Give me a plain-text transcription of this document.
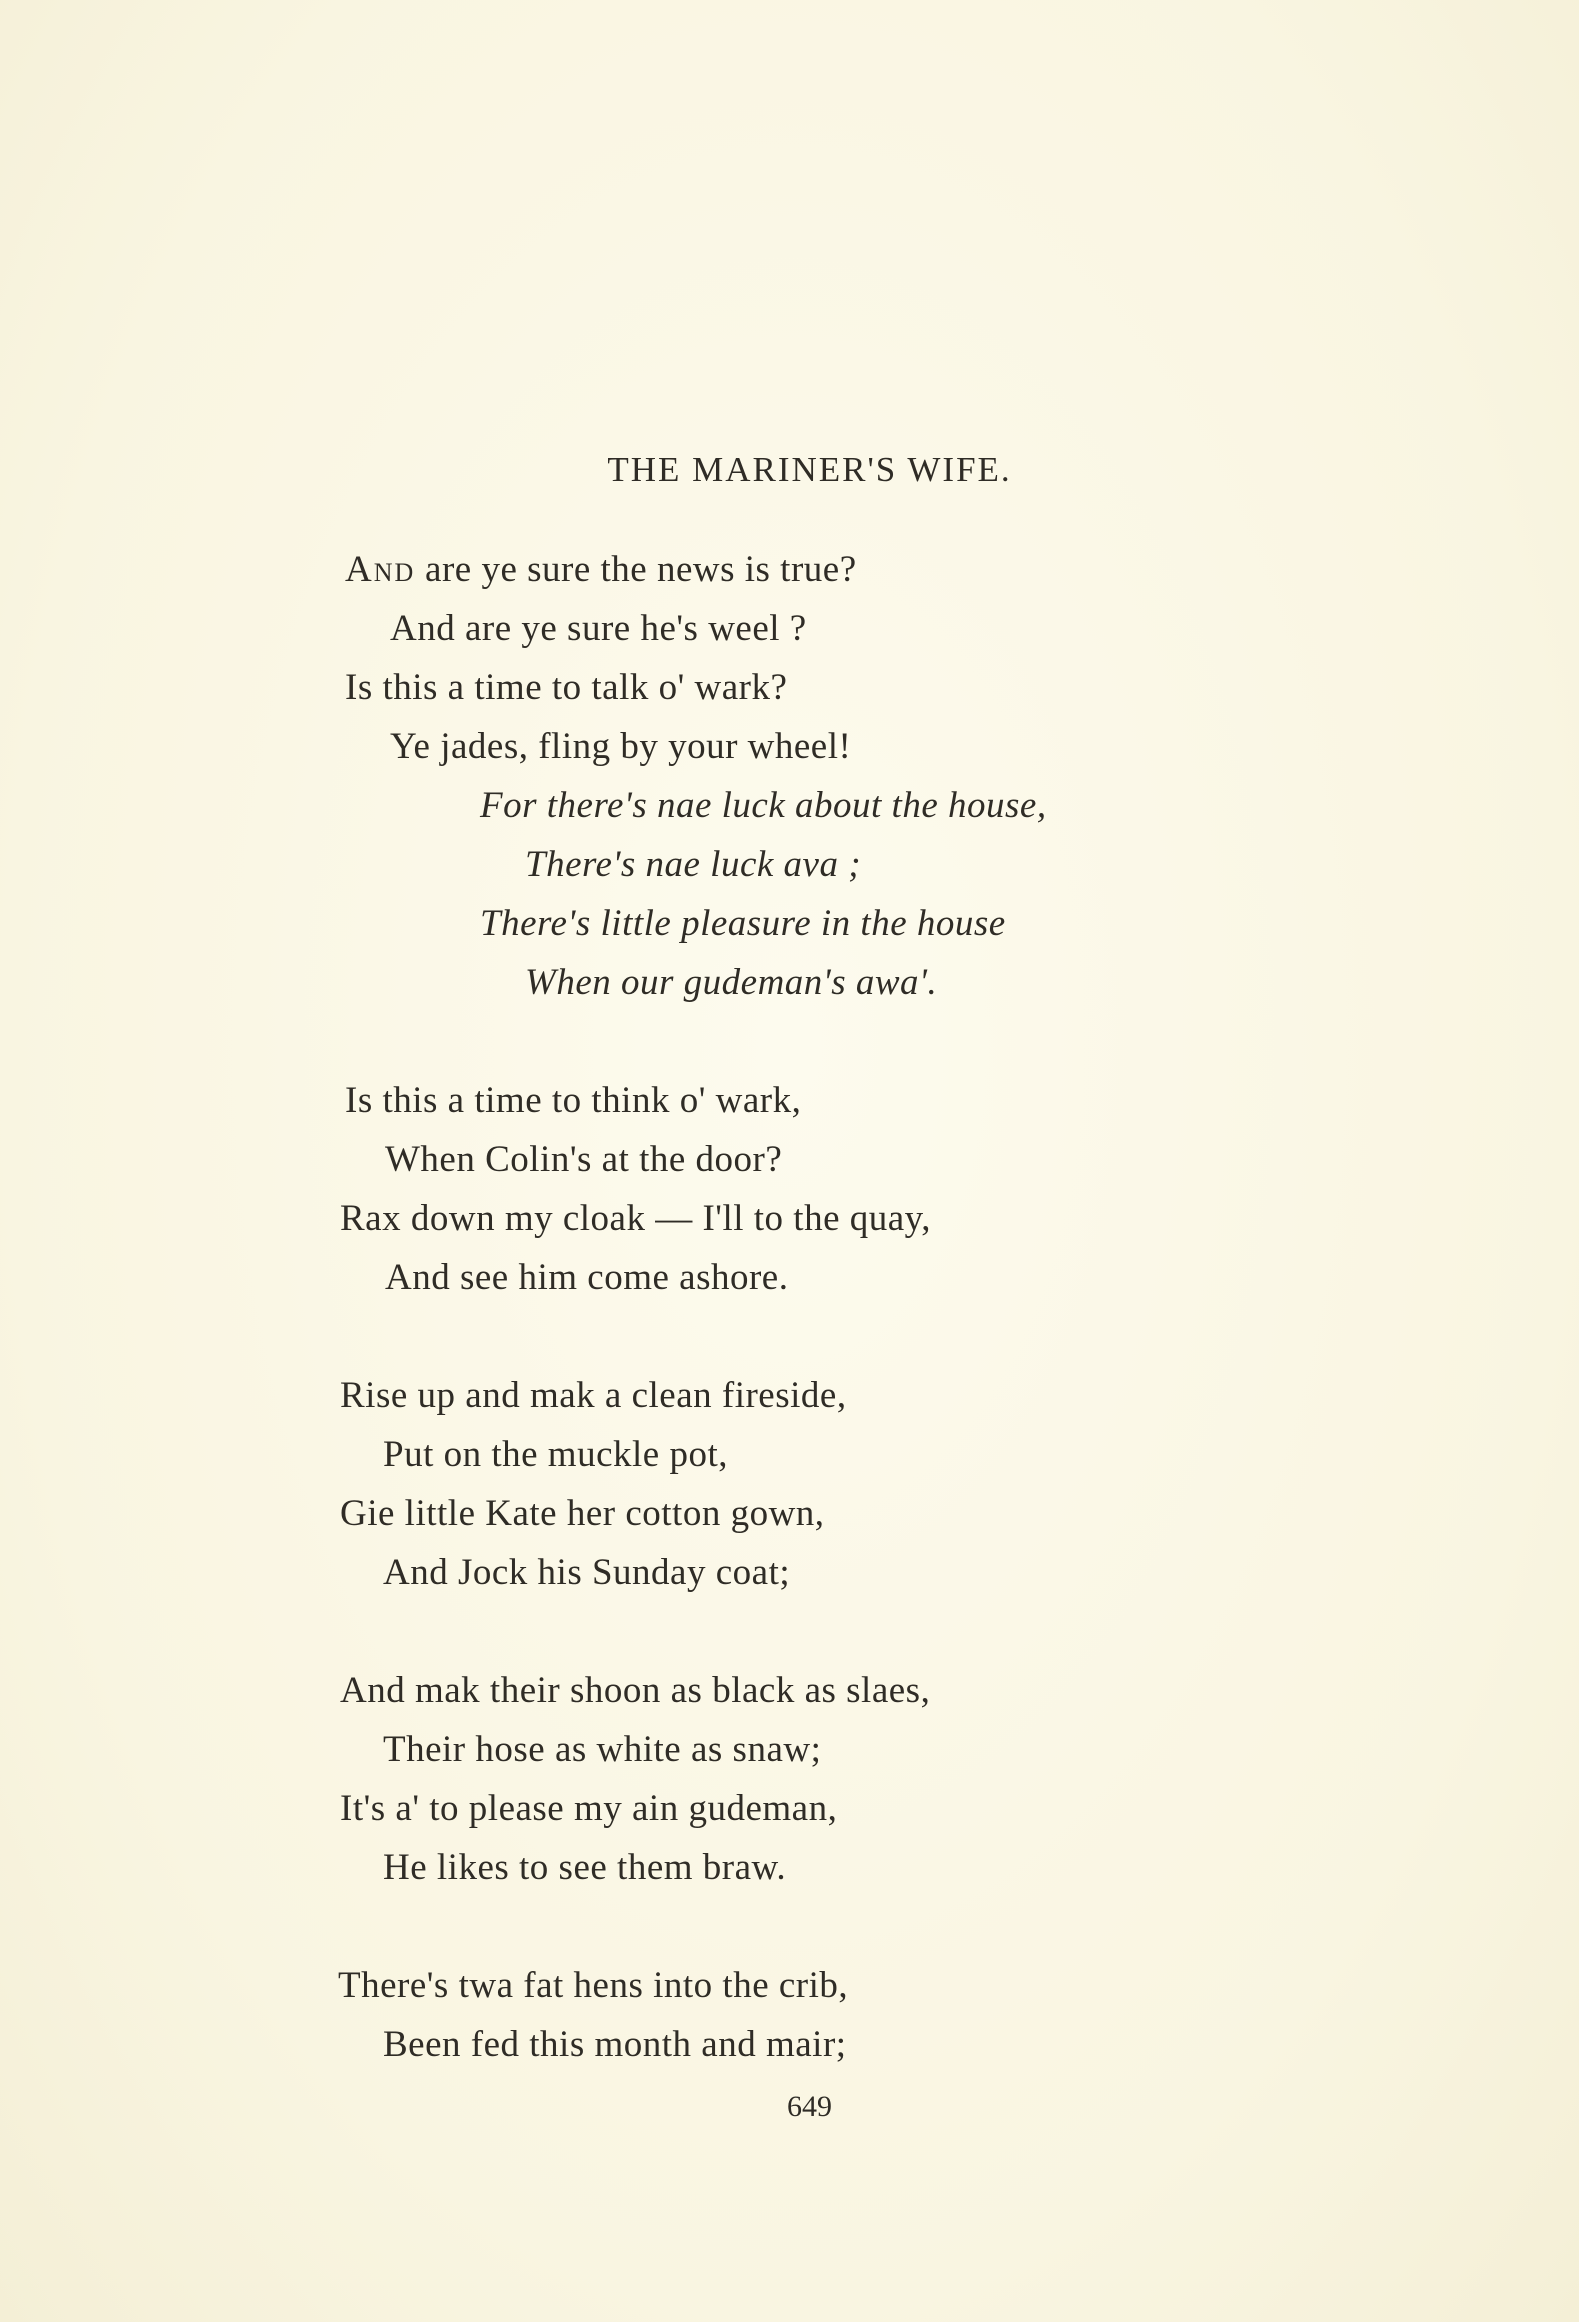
THE MARINER'S WIFE.
And are ye sure the news is true?
And are ye sure he's weel ?
Is this a time to talk o' wark?
Ye jades, fling by your wheel!
For there's nae luck about the house,
There's nae luck ava ;
There's little pleasure in the house
When our gudeman's awa'.
Is this a time to think o' wark,
When Colin's at the door?
Rax down my cloak — I'll to the quay,
And see him come ashore.
Rise up and mak a clean fireside,
Put on the muckle pot,
Gie little Kate her cotton gown,
And Jock his Sunday coat;
And mak their shoon as black as slaes,
Their hose as white as snaw;
It's a' to please my ain gudeman,
He likes to see them braw.
There's twa fat hens into the crib,
Been fed this month and mair;
649
